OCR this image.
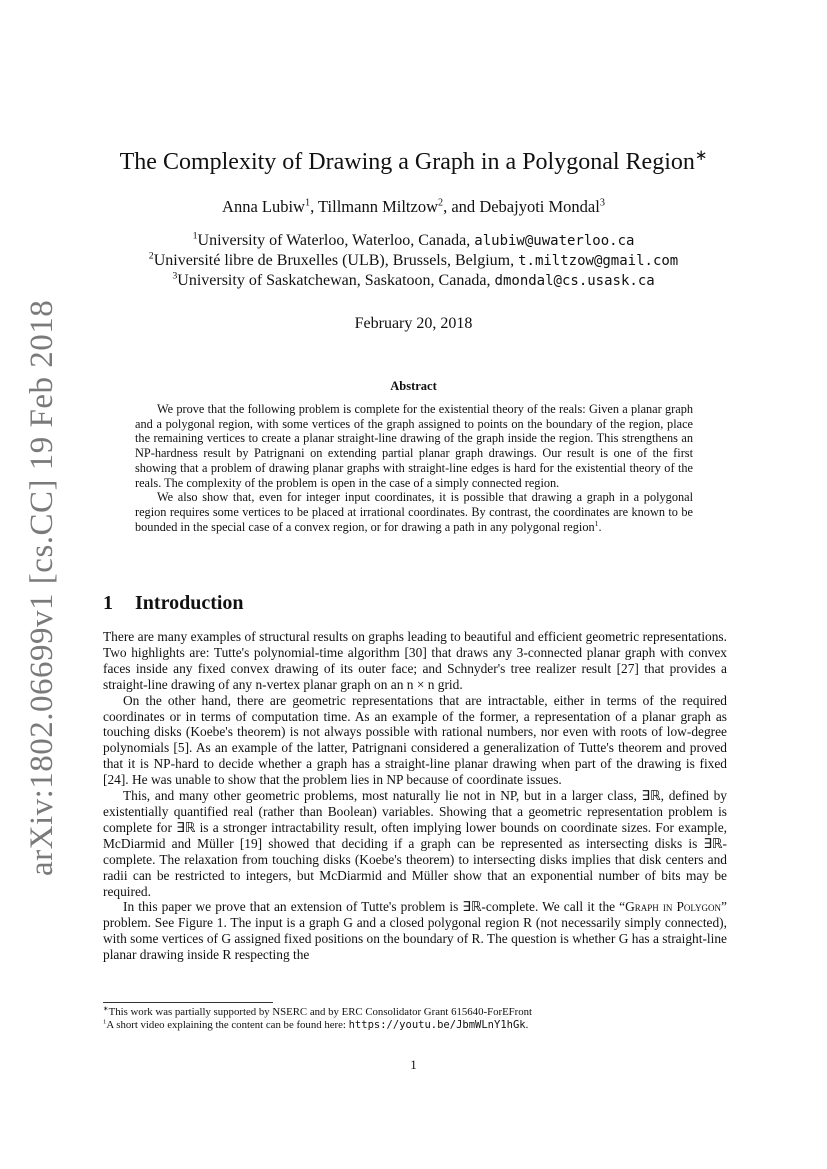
arXiv:1802.06699v1 [cs.CC] 19 Feb 2018
The Complexity of Drawing a Graph in a Polygonal Region∗
Anna Lubiw$^1$, Tillmann Miltzow$^2$, and Debajyoti Mondal$^3$
$^1$University of Waterloo, Waterloo, Canada, alubiw@uwaterloo.ca
$^2$Université libre de Bruxelles (ULB), Brussels, Belgium, t.miltzow@gmail.com
$^3$University of Saskatchewan, Saskatoon, Canada, dmondal@cs.usask.ca
February 20, 2018
Abstract

We prove that the following problem is complete for the existential theory of the reals: Given a planar graph and a polygonal region, with some vertices of the graph assigned to points on the boundary of the region, place the remaining vertices to create a planar straight-line drawing of the graph inside the region. This strengthens an NP-hardness result by Patrignani on extending partial planar graph drawings. Our result is one of the first showing that a problem of drawing planar graphs with straight-line edges is hard for the existential theory of the reals. The complexity of the problem is open in the case of a simply connected region.

We also show that, even for integer input coordinates, it is possible that drawing a graph in a polygonal region requires some vertices to be placed at irrational coordinates. By contrast, the coordinates are known to be bounded in the special case of a convex region, or for drawing a path in any polygonal region$^1$.

1 Introduction

There are many examples of structural results on graphs leading to beautiful and efficient geometric representations. Two highlights are: Tutte's polynomial-time algorithm [30] that draws any 3-connected planar graph with convex faces inside any fixed convex drawing of its outer face; and Schnyder's tree realizer result [27] that provides a straight-line drawing of any n-vertex planar graph on an n × n grid.

On the other hand, there are geometric representations that are intractable, either in terms of the required coordinates or in terms of computation time. As an example of the former, a representation of a planar graph as touching disks (Koebe's theorem) is not always possible with rational numbers, nor even with roots of low-degree polynomials [5]. As an example of the latter, Patrignani considered a generalization of Tutte's theorem and proved that it is NP-hard to decide whether a graph has a straight-line planar drawing when part of the drawing is fixed [24]. He was unable to show that the problem lies in NP because of coordinate issues.

This, and many other geometric problems, most naturally lie not in NP, but in a larger class, ∃ℝ, defined by existentially quantified real (rather than Boolean) variables. Showing that a geometric representation problem is complete for ∃ℝ is a stronger intractability result, often implying lower bounds on coordinate sizes. For example, McDiarmid and Müller [19] showed that deciding if a graph can be represented as intersecting disks is ∃ℝ-complete. The relaxation from touching disks (Koebe's theorem) to intersecting disks implies that disk centers and radii can be restricted to integers, but McDiarmid and Müller show that an exponential number of bits may be required.

In this paper we prove that an extension of Tutte's problem is ∃ℝ-complete. We call it the “Graph in Polygon” problem. See Figure 1. The input is a graph G and a closed polygonal region R (not necessarily simply connected), with some vertices of G assigned fixed positions on the boundary of R. The question is whether G has a straight-line planar drawing inside R respecting the

∗This work was partially supported by NSERC and by ERC Consolidator Grant 615640-ForEFront
$^1$A short video explaining the content can be found here: https://youtu.be/JbmWLnY1hGk.
1
